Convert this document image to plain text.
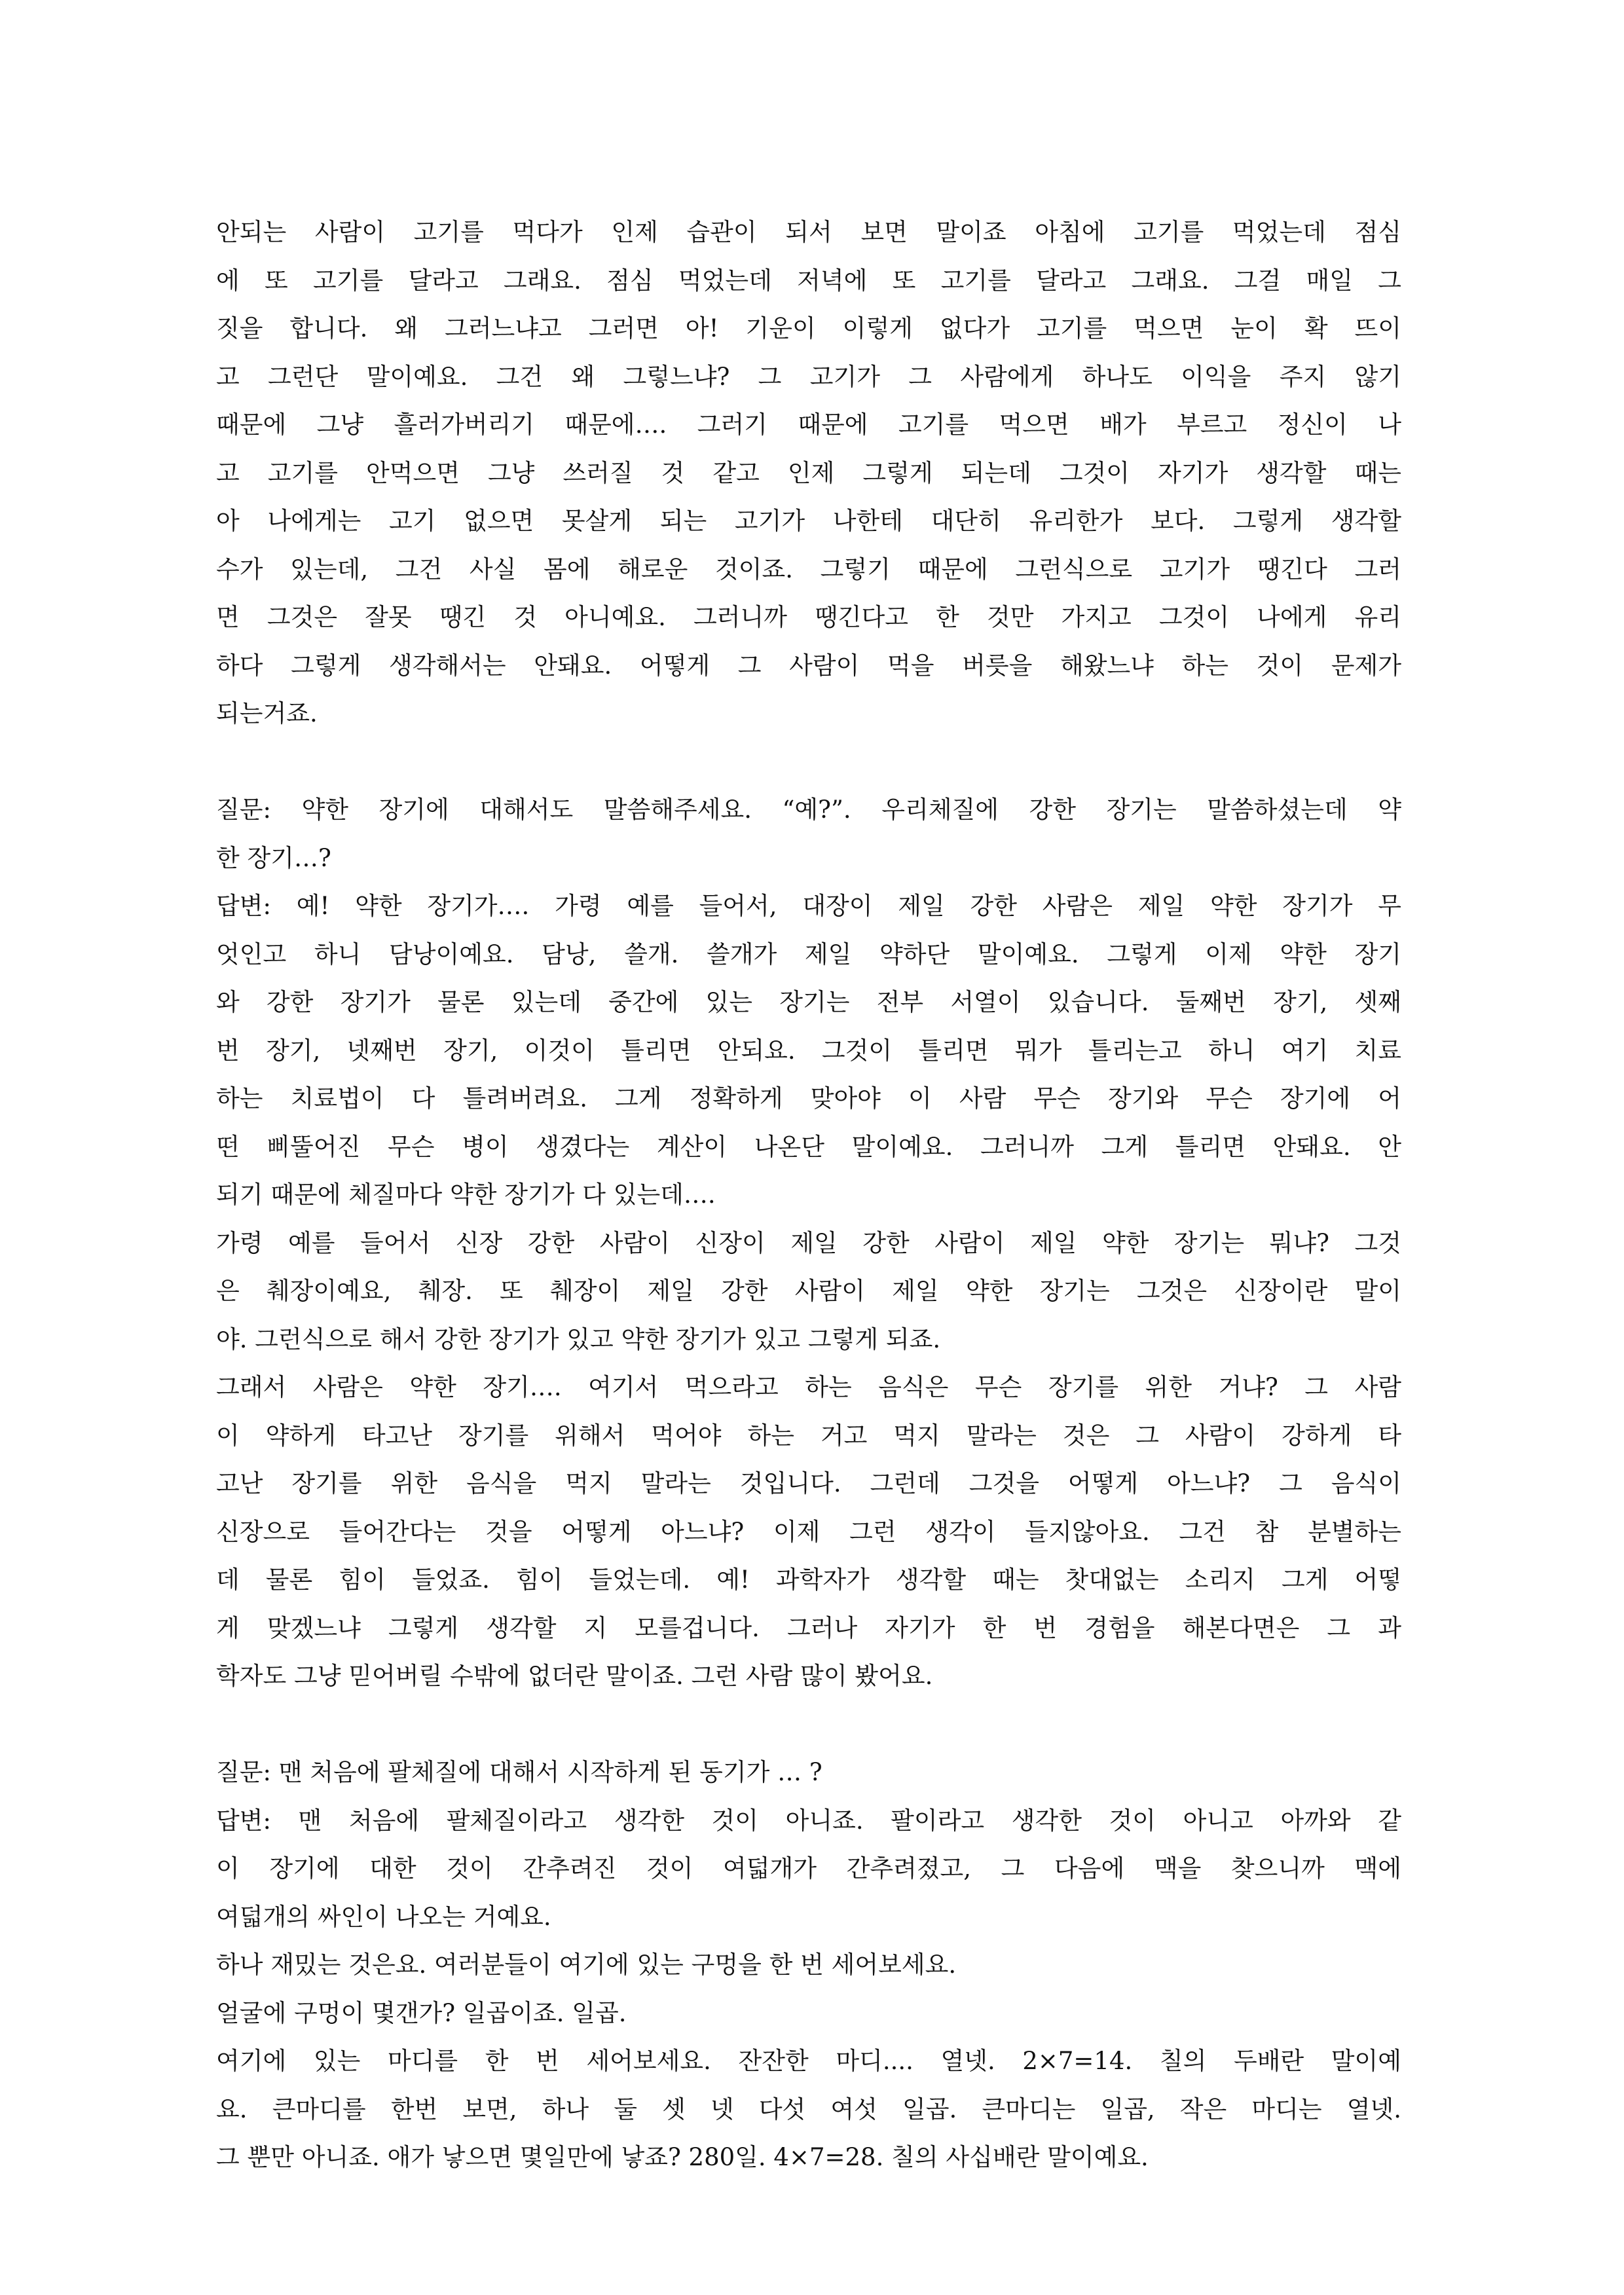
안되는 사람이 고기를 먹다가 인제 습관이 되서 보면 말이죠 아침에 고기를 먹었는데 점심
에 또 고기를 달라고 그래요. 점심 먹었는데 저녁에 또 고기를 달라고 그래요. 그걸 매일 그
짓을 합니다. 왜 그러느냐고 그러면 아! 기운이 이렇게 없다가 고기를 먹으면 눈이 확 뜨이
고 그런단 말이예요. 그건 왜 그렇느냐? 그 고기가 그 사람에게 하나도 이익을 주지 않기
때문에 그냥 흘러가버리기 때문에…. 그러기 때문에 고기를 먹으면 배가 부르고 정신이 나
고 고기를 안먹으면 그냥 쓰러질 것 같고 인제 그렇게 되는데 그것이 자기가 생각할 때는
아 나에게는 고기 없으면 못살게 되는 고기가 나한테 대단히 유리한가 보다. 그렇게 생각할
수가 있는데, 그건 사실 몸에 해로운 것이죠. 그렇기 때문에 그런식으로 고기가 땡긴다 그러
면 그것은 잘못 땡긴 것 아니예요. 그러니까 땡긴다고 한 것만 가지고 그것이 나에게 유리
하다 그렇게 생각해서는 안돼요. 어떻게 그 사람이 먹을 버릇을 해왔느냐 하는 것이 문제가
되는거죠.
질문: 약한 장기에 대해서도 말씀해주세요. “예?”. 우리체질에 강한 장기는 말씀하셨는데 약
한 장기…?
답변: 예! 약한 장기가…. 가령 예를 들어서, 대장이 제일 강한 사람은 제일 약한 장기가 무
엇인고 하니 담낭이예요. 담낭, 쓸개. 쓸개가 제일 약하단 말이예요. 그렇게 이제 약한 장기
와 강한 장기가 물론 있는데 중간에 있는 장기는 전부 서열이 있습니다. 둘째번 장기, 셋째
번 장기, 넷째번 장기, 이것이 틀리면 안되요. 그것이 틀리면 뭐가 틀리는고 하니 여기 치료
하는 치료법이 다 틀려버려요. 그게 정확하게 맞아야 이 사람 무슨 장기와 무슨 장기에 어
떤 삐뚤어진 무슨 병이 생겼다는 계산이 나온단 말이예요. 그러니까 그게 틀리면 안돼요. 안
되기 때문에 체질마다 약한 장기가 다 있는데….
가령 예를 들어서 신장 강한 사람이 신장이 제일 강한 사람이 제일 약한 장기는 뭐냐? 그것
은 췌장이예요, 췌장. 또 췌장이 제일 강한 사람이 제일 약한 장기는 그것은 신장이란 말이
야. 그런식으로 해서 강한 장기가 있고 약한 장기가 있고 그렇게 되죠.
그래서 사람은 약한 장기…. 여기서 먹으라고 하는 음식은 무슨 장기를 위한 거냐? 그 사람
이 약하게 타고난 장기를 위해서 먹어야 하는 거고 먹지 말라는 것은 그 사람이 강하게 타
고난 장기를 위한 음식을 먹지 말라는 것입니다. 그런데 그것을 어떻게 아느냐? 그 음식이
신장으로 들어간다는 것을 어떻게 아느냐? 이제 그런 생각이 들지않아요. 그건 참 분별하는
데 물론 힘이 들었죠. 힘이 들었는데. 예! 과학자가 생각할 때는 찻대없는 소리지 그게 어떻
게 맞겠느냐 그렇게 생각할 지 모를겁니다. 그러나 자기가 한 번 경험을 해본다면은 그 과
학자도 그냥 믿어버릴 수밖에 없더란 말이죠. 그런 사람 많이 봤어요.
질문: 맨 처음에 팔체질에 대해서 시작하게 된 동기가 … ?
답변: 맨 처음에 팔체질이라고 생각한 것이 아니죠. 팔이라고 생각한 것이 아니고 아까와 같
이 장기에 대한 것이 간추려진 것이 여덟개가 간추려졌고, 그 다음에 맥을 찾으니까 맥에
여덟개의 싸인이 나오는 거예요.
하나 재밌는 것은요. 여러분들이 여기에 있는 구멍을 한 번 세어보세요.
얼굴에 구멍이 몇갠가? 일곱이죠. 일곱.
여기에 있는 마디를 한 번 세어보세요. 잔잔한 마디.... 열넷. 2×7=14. 칠의 두배란 말이예
요. 큰마디를 한번 보면, 하나 둘 셋 넷 다섯 여섯 일곱. 큰마디는 일곱, 작은 마디는 열넷.
그 뿐만 아니죠. 애가 낳으면 몇일만에 낳죠? 280일. 4×7=28. 칠의 사십배란 말이예요.
